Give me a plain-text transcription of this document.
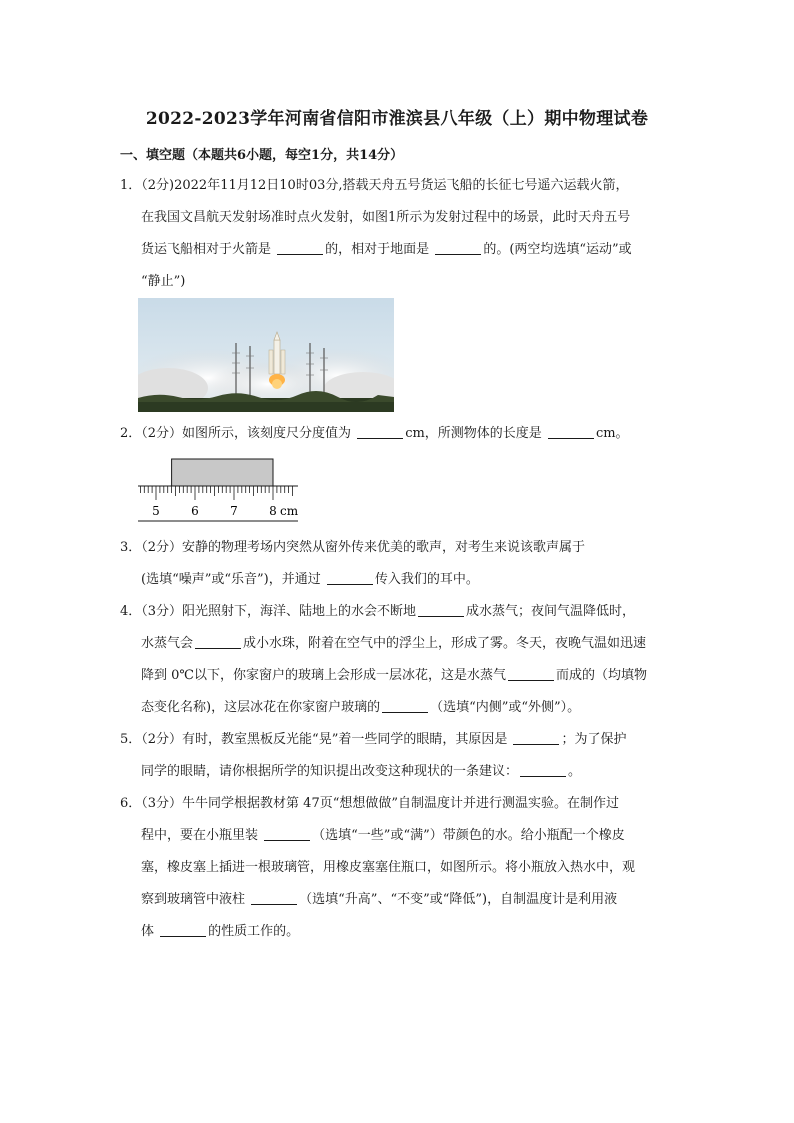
2022-2023学年河南省信阳市淮滨县八年级（上）期中物理试卷
一、填空题（本题共6小题，每空1分，共14分）
1．（2分)2022年11月12日10时03分,搭载天舟五号货运飞船的长征七号遥六运载火箭，
在我国文昌航天发射场准时点火发射，如图1所示为发射过程中的场景，此时天舟五号
货运飞船相对于火箭是	的，相对于地面是	的。(两空均选填“运动”或
“静止”)
2．（2分）如图所示，该刻度尺分度值为	cm，所测物体的长度是	cm。
5	6	7	8 cm
3．（2分）安静的物理考场内突然从窗外传来优美的歌声，对考生来说该歌声属于
(选填“噪声”或“乐音”)，并通过	传入我们的耳中。
4．（3分）阳光照射下，海洋、陆地上的水会不断地	成水蒸气；夜间气温降低时，
水蒸气会	成小水珠，附着在空气中的浮尘上，形成了雾。冬天，夜晚气温如迅速
降到 0℃以下，你家窗户的玻璃上会形成一层冰花，这是水蒸气	而成的（均填物
态变化名称)，这层冰花在你家窗户玻璃的	（选填“内侧”或“外侧”）。
5．（2分）有时，教室黑板反光能“晃”着一些同学的眼睛，其原因是	；为了保护
同学的眼睛，请你根据所学的知识提出改变这种现状的一条建议：	。
6．（3分）牛牛同学根据教材第 47页“想想做做”自制温度计并进行测温实验。在制作过
程中，要在小瓶里装	（选填“一些”或“满”）带颜色的水。给小瓶配一个橡皮
塞，橡皮塞上插进一根玻璃管，用橡皮塞塞住瓶口，如图所示。将小瓶放入热水中，观
察到玻璃管中液柱	（选填“升高”、“不变”或“降低”)，自制温度计是利用液
体	的性质工作的。
